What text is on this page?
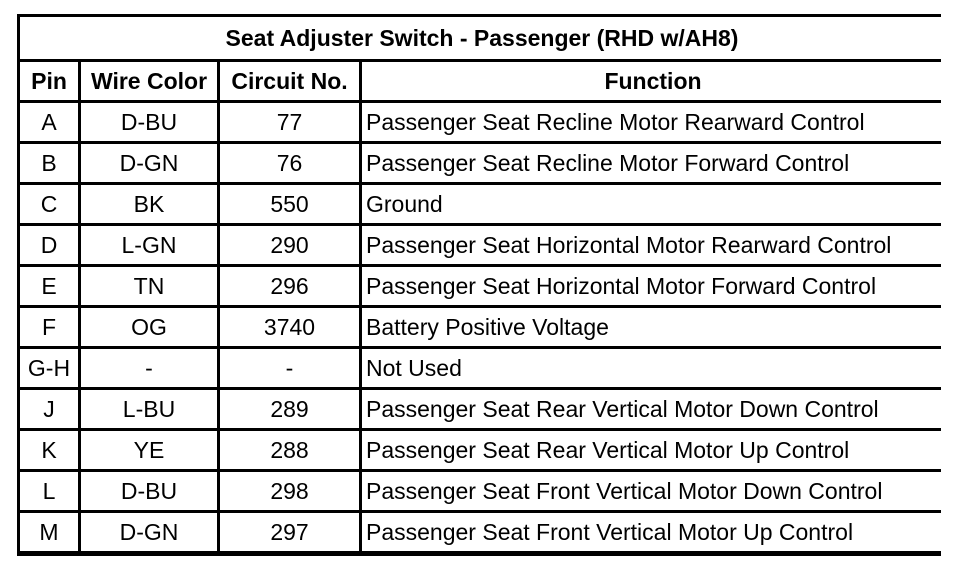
Seat Adjuster Switch - Passenger (RHD w/AH8)
Pin	Wire Color	Circuit No.	Function
A	D-BU	77	Passenger Seat Recline Motor Rearward Control
B	D-GN	76	Passenger Seat Recline Motor Forward Control
C	BK	550	Ground
D	L-GN	290	Passenger Seat Horizontal Motor Rearward Control
E	TN	296	Passenger Seat Horizontal Motor Forward Control
F	OG	3740	Battery Positive Voltage
G-H	-	-	Not Used
J	L-BU	289	Passenger Seat Rear Vertical Motor Down Control
K	YE	288	Passenger Seat Rear Vertical Motor Up Control
L	D-BU	298	Passenger Seat Front Vertical Motor Down Control
M	D-GN	297	Passenger Seat Front Vertical Motor Up Control
